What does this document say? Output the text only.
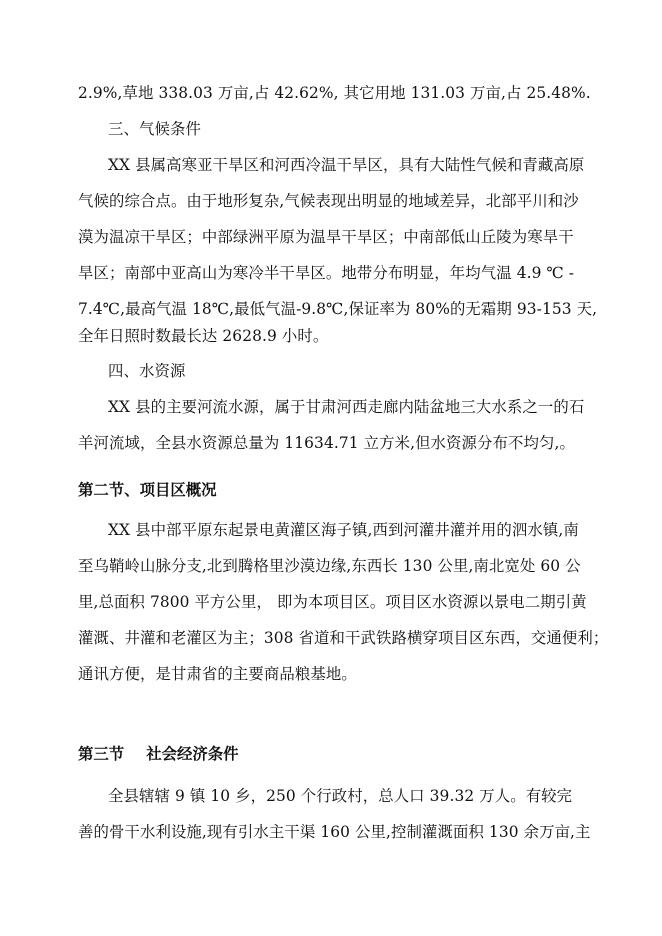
2.9%,草地 338.03 万亩,占 42.62%, 其它用地 131.03 万亩,占 25.48%.
三、气候条件
XX 县属高寒亚干旱区和河西冷温干旱区，具有大陆性气候和青藏高原
气候的综合点。由于地形复杂,气候表现出明显的地域差异，北部平川和沙
漠为温凉干旱区；中部绿洲平原为温旱干旱区；中南部低山丘陵为寒旱干
旱区；南部中亚高山为寒冷半干旱区。地带分布明显，年均气温 4.9 ℃ -
7.4℃,最高气温 18℃,最低气温-9.8℃,保证率为 80%的无霜期 93-153 天,
全年日照时数最长达 2628.9 小时。
四、水资源
XX 县的主要河流水源，属于甘肃河西走廊内陆盆地三大水系之一的石
羊河流域，全县水资源总量为 11634.71 立方米,但水资源分布不均匀,。
第二节、项目区概况
XX 县中部平原东起景电黄灌区海子镇,西到河灌井灌并用的泗水镇,南
至乌鞘岭山脉分支,北到腾格里沙漠边缘,东西长 130 公里,南北宽处 60 公
里,总面积 7800 平方公里， 即为本项目区。项目区水资源以景电二期引黄
灌溉、井灌和老灌区为主；308 省道和干武铁路横穿项目区东西，交通便利；
通讯方便，是甘肃省的主要商品粮基地。
第三节 社会经济条件
全县辖辖 9 镇 10 乡，250 个行政村，总人口 39.32 万人。有较完
善的骨干水利设施,现有引水主干渠 160 公里,控制灌溉面积 130 余万亩,主
